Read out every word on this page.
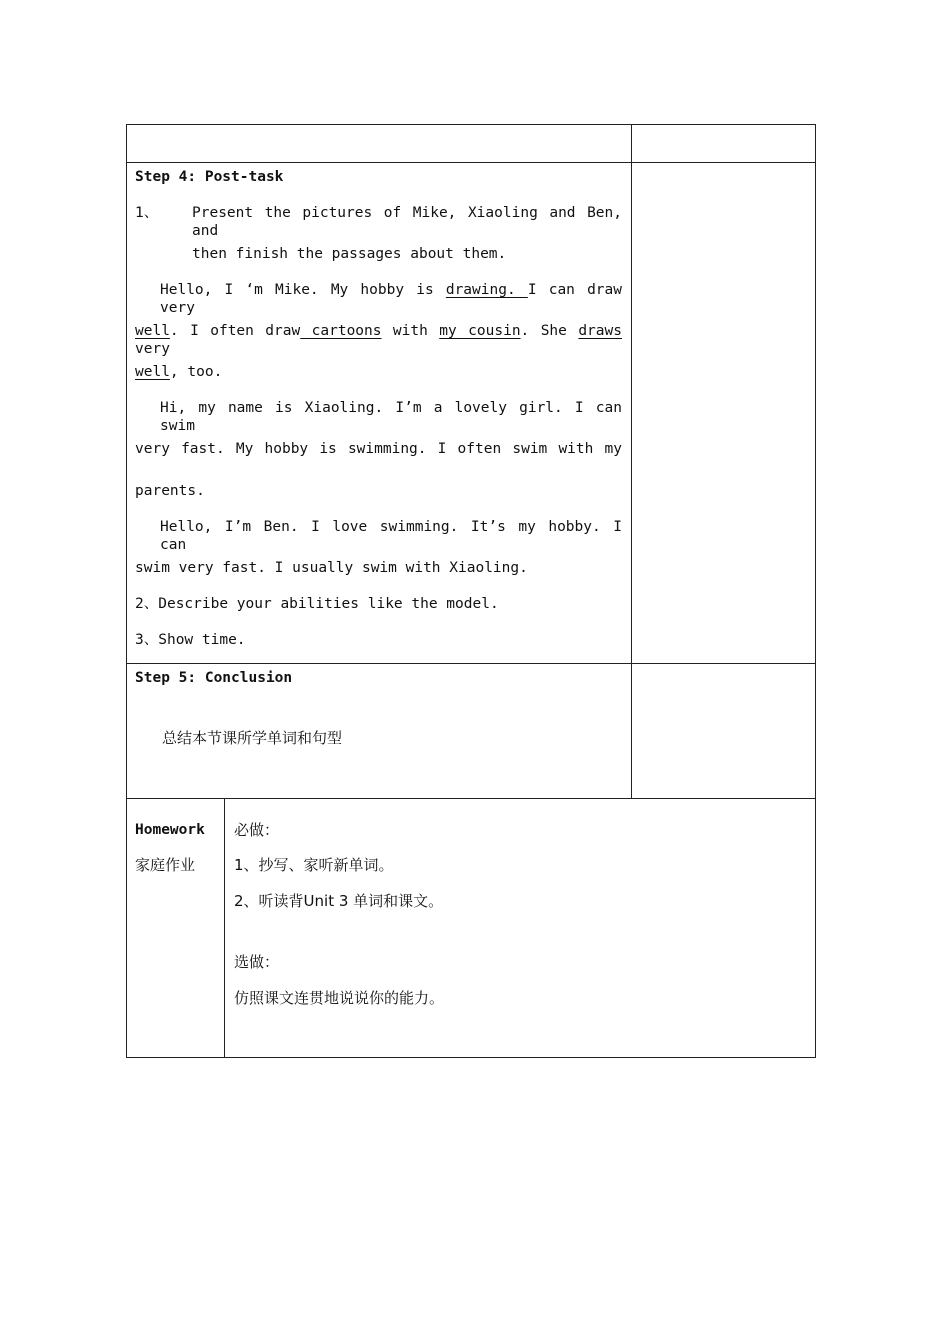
Step 4: Post-task
1、 Present the pictures of Mike, Xiaoling and Ben, and
then finish the passages about them.
Hello, I ‘m Mike. My hobby is drawing. I can draw very
well. I often draw cartoons with my cousin. She draws very
well, too.
Hi, my name is Xiaoling. I’m a lovely girl. I can swim
very fast. My hobby is swimming. I often swim with my
parents.
Hello, I’m Ben. I love swimming. It’s my hobby. I can
swim very fast. I usually swim with Xiaoling.
2、Describe your abilities like the model.
3、Show time.
Step 5: Conclusion
总结本节课所学单词和句型
Homework
家庭作业
必做：
1、抄写、家听新单词。
2、听读背Unit 3 单词和课文。
选做：
仿照课文连贯地说说你的能力。
